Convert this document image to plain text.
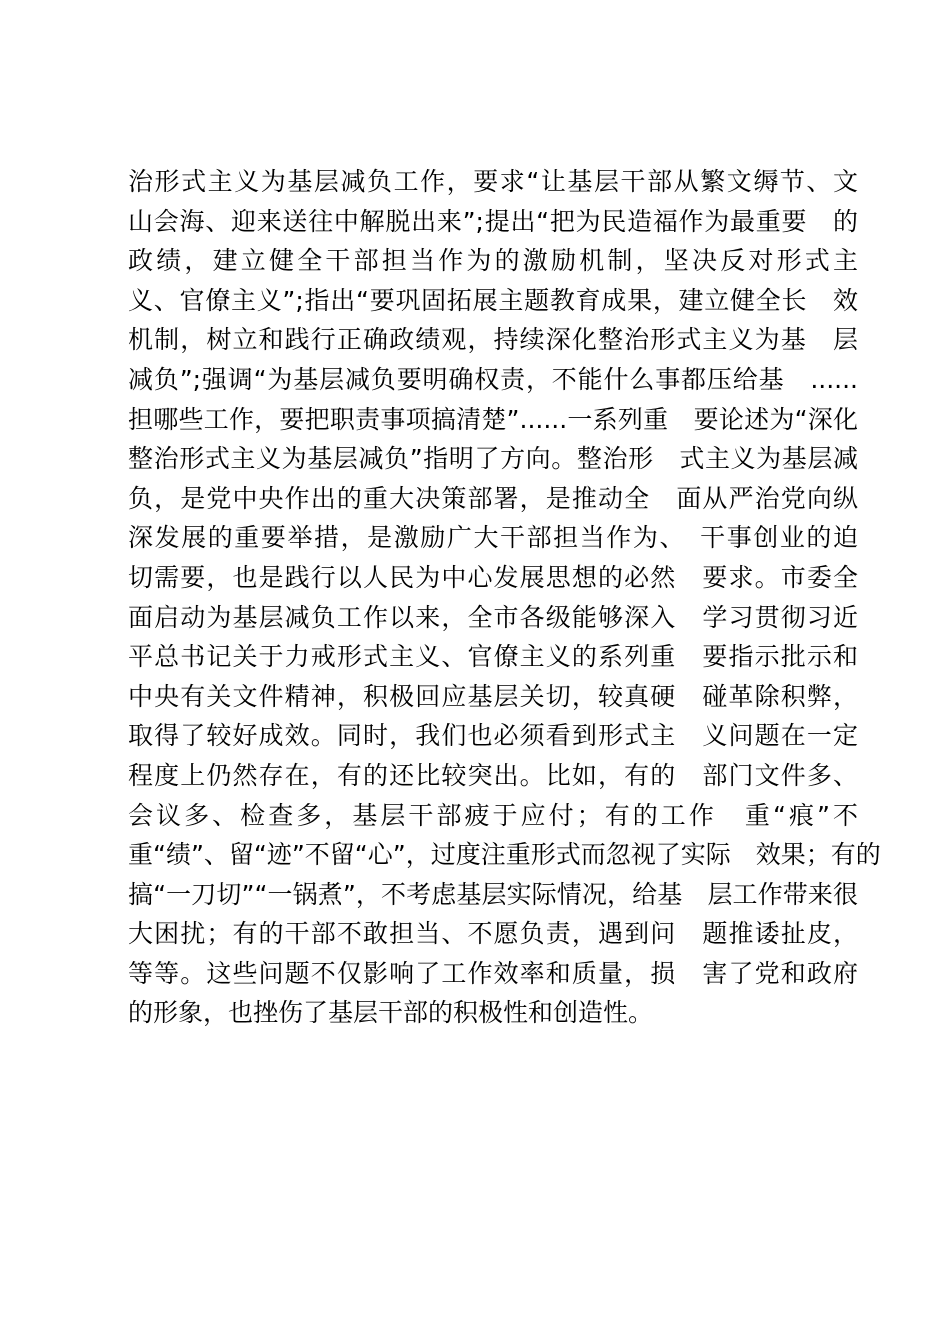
治形式主义为基层减负工作，要求“让基层干部从繁文缛节、文
山会海、迎来送往中解脱出来”;提出“把为民造福作为最重要　的
政绩，建立健全干部担当作为的激励机制，坚决反对形式主
义、官僚主义”;指出“要巩固拓展主题教育成果，建立健全长　效
机制，树立和践行正确政绩观，持续深化整治形式主义为基　层
减负”;强调“为基层减负要明确权责，不能什么事都压给基　......
担哪些工作，要把职责事项搞清楚”......一系列重　要论述为“深化
整治形式主义为基层减负”指明了方向。整治形　式主义为基层减
负，是党中央作出的重大决策部署，是推动全　面从严治党向纵
深发展的重要举措，是激励广大干部担当作为、　干事创业的迫
切需要，也是践行以人民为中心发展思想的必然　要求。市委全
面启动为基层减负工作以来，全市各级能够深入　学习贯彻习近
平总书记关于力戒形式主义、官僚主义的系列重　要指示批示和
中央有关文件精神，积极回应基层关切，较真硬　碰革除积弊，
取得了较好成效。同时，我们也必须看到形式主　义问题在一定
程度上仍然存在，有的还比较突出。比如，有的　部门文件多、
会议多、检查多，基层干部疲于应付；有的工作　重“痕”不
重“绩”、留“迹”不留“心”，过度注重形式而忽视了实际　效果；有的
搞“一刀切”“一锅煮”，不考虑基层实际情况，给基　层工作带来很
大困扰；有的干部不敢担当、不愿负责，遇到问　题推诿扯皮，
等等。这些问题不仅影响了工作效率和质量，损　害了党和政府
的形象，也挫伤了基层干部的积极性和创造性。
